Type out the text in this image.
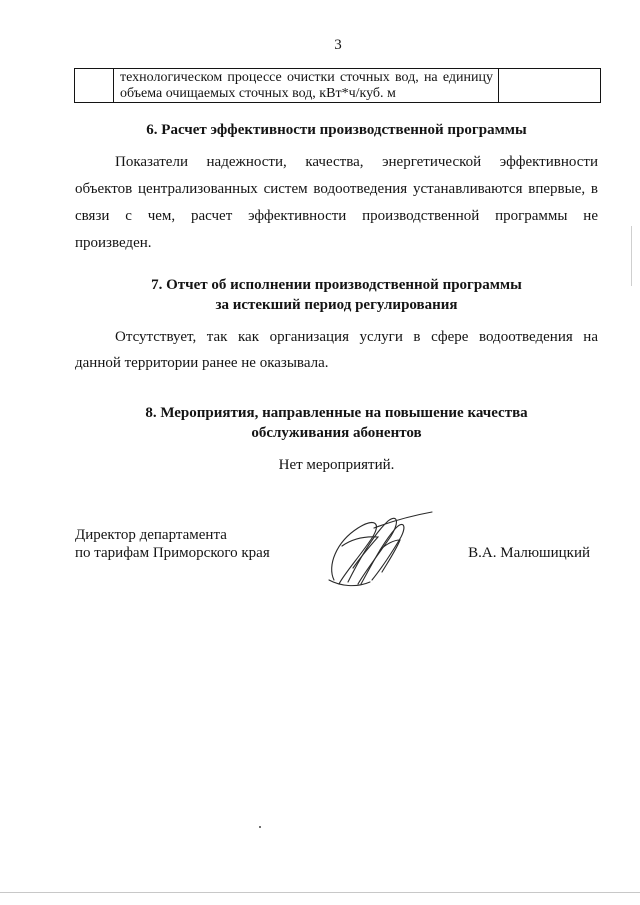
3
технологическом процессе очистки сточных вод, на единицу
объема очищаемых сточных вод, кВт*ч/куб. м
6. Расчет эффективности производственной программы
Показатели надежности, качества, энергетической эффективности
объектов централизованных систем водоотведения устанавливаются впервые, в
связи с чем, расчет эффективности производственной программы не
произведен.
7. Отчет об исполнении производственной программы
за истекший период регулирования
Отсутствует, так как организация услуги в сфере водоотведения на
данной территории ранее не оказывала.
8. Мероприятия, направленные на повышение качества
обслуживания абонентов
Нет мероприятий.
Директор департамента
по тарифам Приморского края	В.А. Малюшицкий
